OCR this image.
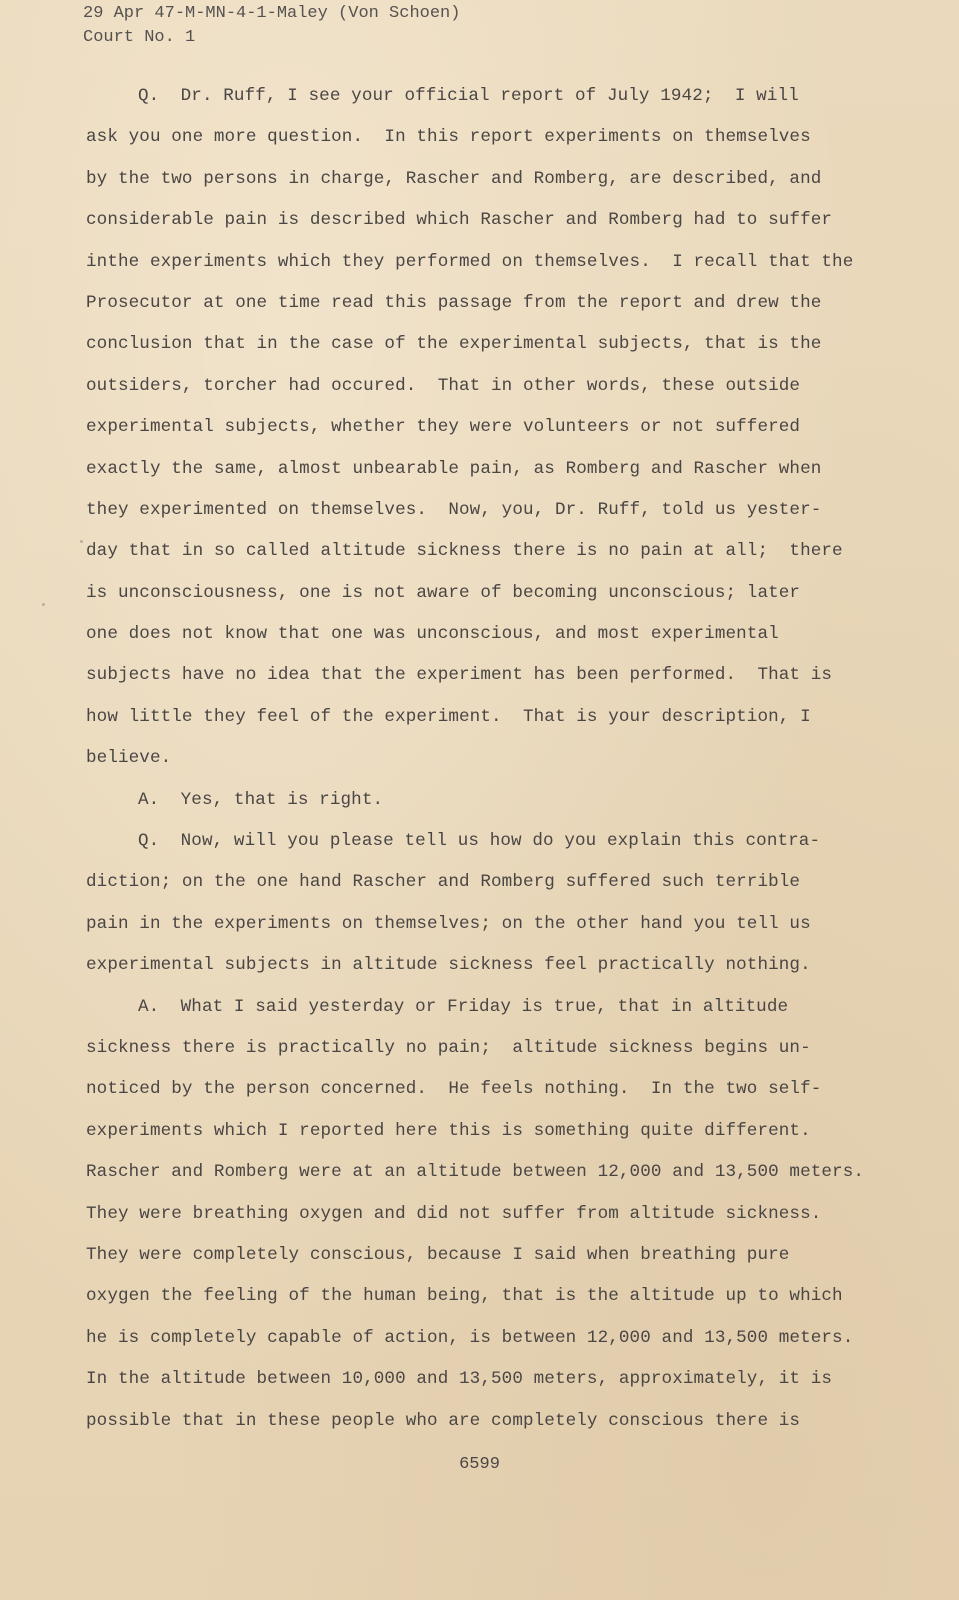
29 Apr 47-M-MN-4-1-Maley (Von Schoen)
Court No. 1
Q.  Dr. Ruff, I see your official report of July 1942;  I will
ask you one more question.  In this report experiments on themselves
by the two persons in charge, Rascher and Romberg, are described, and
considerable pain is described which Rascher and Romberg had to suffer
inthe experiments which they performed on themselves.  I recall that the
Prosecutor at one time read this passage from the report and drew the
conclusion that in the case of the experimental subjects, that is the
outsiders, torcher had occured.  That in other words, these outside
experimental subjects, whether they were volunteers or not suffered
exactly the same, almost unbearable pain, as Romberg and Rascher when
they experimented on themselves.  Now, you, Dr. Ruff, told us yester-
day that in so called altitude sickness there is no pain at all;  there
is unconsciousness, one is not aware of becoming unconscious; later
one does not know that one was unconscious, and most experimental
subjects have no idea that the experiment has been performed.  That is
how little they feel of the experiment.  That is your description, I
believe.
A.  Yes, that is right.
Q.  Now, will you please tell us how do you explain this contra-
diction; on the one hand Rascher and Romberg suffered such terrible
pain in the experiments on themselves; on the other hand you tell us
experimental subjects in altitude sickness feel practically nothing.
A.  What I said yesterday or Friday is true, that in altitude
sickness there is practically no pain;  altitude sickness begins un-
noticed by the person concerned.  He feels nothing.  In the two self-
experiments which I reported here this is something quite different.
Rascher and Romberg were at an altitude between 12,000 and 13,500 meters.
They were breathing oxygen and did not suffer from altitude sickness.
They were completely conscious, because I said when breathing pure
oxygen the feeling of the human being, that is the altitude up to which
he is completely capable of action, is between 12,000 and 13,500 meters.
In the altitude between 10,000 and 13,500 meters, approximately, it is
possible that in these people who are completely conscious there is
6599
